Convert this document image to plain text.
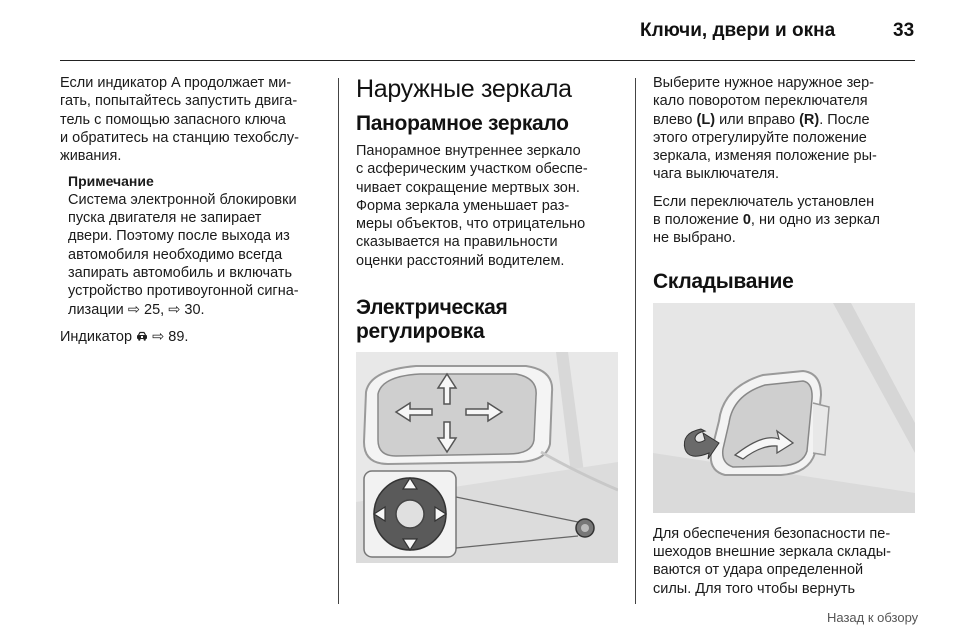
Ключи, двери и окна	33

Если индикатор A продолжает ми-
гать, попытайтесь запустить двига-
тель с помощью запасного ключа
и обратитесь на станцию техобслу-
живания.

Примечание

Система электронной блокировки
пуска двигателя не запирает
двери. Поэтому после выхода из
автомобиля необходимо всегда
запирать автомобиль и включать
устройство противоугонной сигна-
лизации ⇨ 25, ⇨ 30.

Индикатор  ⇨ 89.

Наружные зеркала
Панорамное зеркало

Панорамное внутреннее зеркало
с асферическим участком обеспе-
чивает сокращение мертвых зон.
Форма зеркала уменьшает раз-
меры объектов, что отрицательно
сказывается на правильности
оценки расстояний водителем.

Электрическая
регулировка

Выберите нужное наружное зер-
кало поворотом переключателя
влево (L) или вправо (R). После
этого отрегулируйте положение
зеркала, изменяя положение ры-
чага выключателя.

Если переключатель установлен
в положение 0, ни одно из зеркал
не выбрано.

Складывание

Для обеспечения безопасности пе-
шеходов внешние зеркала склады-
ваются от удара определенной
силы. Для того чтобы вернуть

Назад к обзору
